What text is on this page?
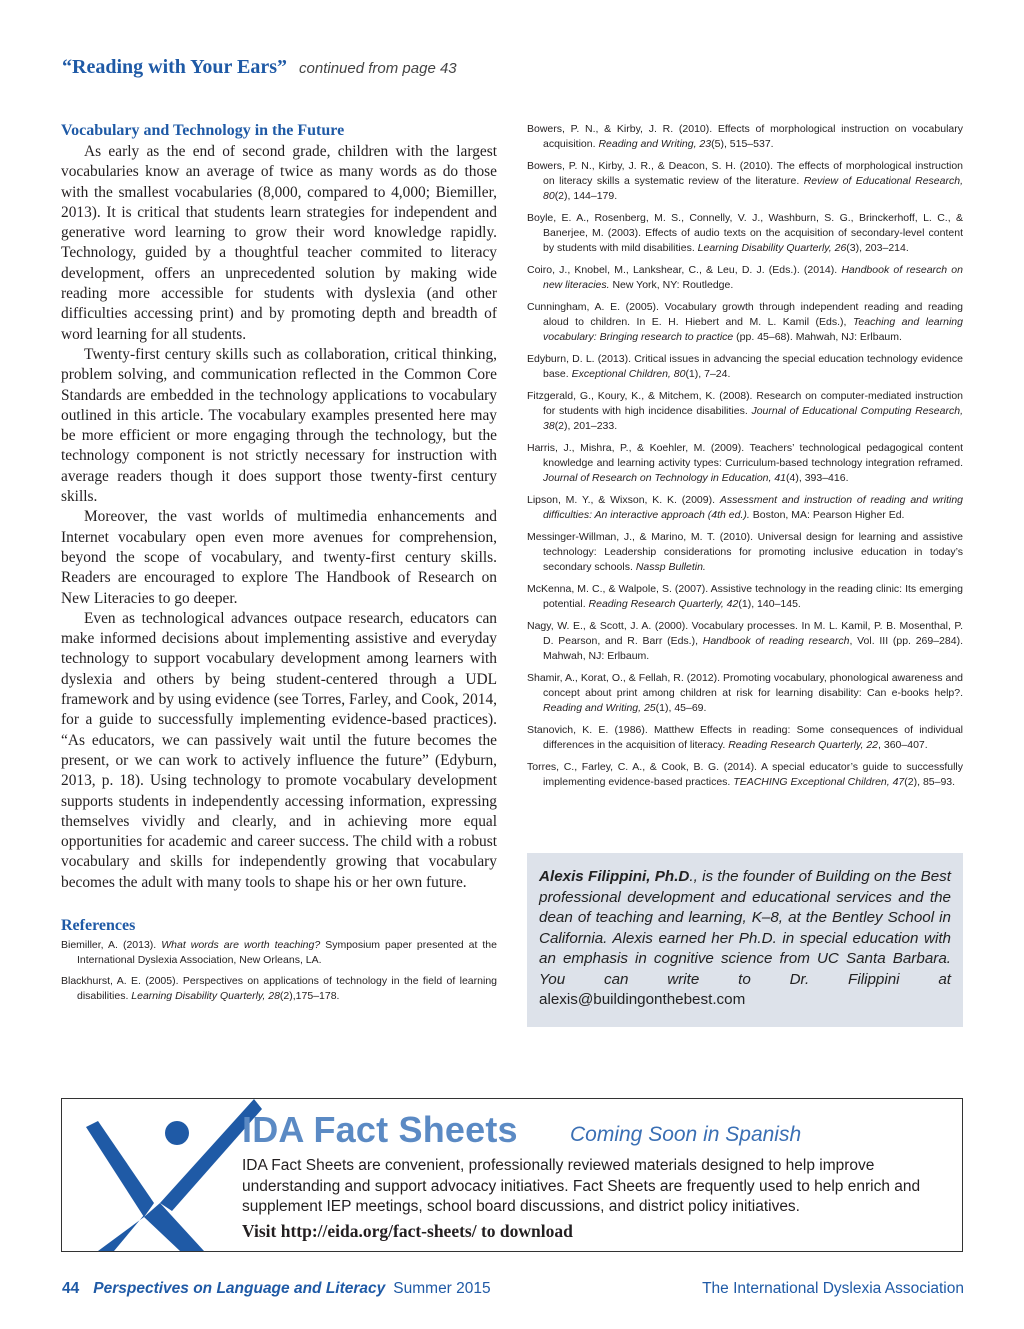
“Reading with Your Ears” continued from page 43
Vocabulary and Technology in the Future

As early as the end of second grade, children with the largest vocabularies know an average of twice as many words as do those with the smallest vocabularies (8,000, compared to 4,000; Biemiller, 2013). It is critical that students learn strategies for independent and generative word learning to grow their word knowledge rapidly. Technology, guided by a thoughtful teacher commited to literacy development, offers an unprecedented solution by making wide reading more accessible for students with dyslexia (and other difficulties accessing print) and by promoting depth and breadth of word learning for all students.

Twenty-first century skills such as collaboration, critical thinking, problem solving, and communication reflected in the Common Core Standards are embedded in the technology applications to vocabulary outlined in this article. The vocabulary examples presented here may be more efficient or more engaging through the technology, but the technology component is not strictly necessary for instruction with average readers though it does support those twenty-first century skills.

Moreover, the vast worlds of multimedia enhancements and Internet vocabulary open even more avenues for comprehension, beyond the scope of vocabulary, and twenty-first century skills. Readers are encouraged to explore The Handbook of Research on New Literacies to go deeper.

Even as technological advances outpace research, educators can make informed decisions about implementing assistive and everyday technology to support vocabulary development among learners with dyslexia and others by being student-centered through a UDL framework and by using evidence (see Torres, Farley, and Cook, 2014, for a guide to successfully implementing evidence-based practices). “As educators, we can passively wait until the future becomes the present, or we can work to actively influence the future” (Edyburn, 2013, p. 18). Using technology to promote vocabulary development supports students in independently accessing information, expressing themselves vividly and clearly, and in achieving more equal opportunities for academic and career success. The child with a robust vocabulary and skills for independently growing that vocabulary becomes the adult with many tools to shape his or her own future.

References

Biemiller, A. (2013). What words are worth teaching? Symposium paper presented at the International Dyslexia Association, New Orleans, LA.

Blackhurst, A. E. (2005). Perspectives on applications of technology in the field of learning disabilities. Learning Disability Quarterly, 28(2),175–178.

Bowers, P. N., & Kirby, J. R. (2010). Effects of morphological instruction on vocabulary acquisition. Reading and Writing, 23(5), 515–537.

Bowers, P. N., Kirby, J. R., & Deacon, S. H. (2010). The effects of morphological instruction on literacy skills a systematic review of the literature. Review of Educational Research, 80(2), 144–179.

Boyle, E. A., Rosenberg, M. S., Connelly, V. J., Washburn, S. G., Brinckerhoff, L. C., & Banerjee, M. (2003). Effects of audio texts on the acquisition of secondary-level content by students with mild disabilities. Learning Disability Quarterly, 26(3), 203–214.

Coiro, J., Knobel, M., Lankshear, C., & Leu, D. J. (Eds.). (2014). Handbook of research on new literacies. New York, NY: Routledge.

Cunningham, A. E. (2005). Vocabulary growth through independent reading and reading aloud to children. In E. H. Hiebert and M. L. Kamil (Eds.), Teaching and learning vocabulary: Bringing research to practice (pp. 45–68). Mahwah, NJ: Erlbaum.

Edyburn, D. L. (2013). Critical issues in advancing the special education technology evidence base. Exceptional Children, 80(1), 7–24.

Fitzgerald, G., Koury, K., & Mitchem, K. (2008). Research on computer-mediated instruction for students with high incidence disabilities. Journal of Educational Computing Research, 38(2), 201–233.

Harris, J., Mishra, P., & Koehler, M. (2009). Teachers’ technological pedagogical content knowledge and learning activity types: Curriculum-based technology integration reframed. Journal of Research on Technology in Education, 41(4), 393–416.

Lipson, M. Y., & Wixson, K. K. (2009). Assessment and instruction of reading and writing difficulties: An interactive approach (4th ed.). Boston, MA: Pearson Higher Ed.

Messinger-Willman, J., & Marino, M. T. (2010). Universal design for learning and assistive technology: Leadership considerations for promoting inclusive education in today’s secondary schools. Nassp Bulletin.

McKenna, M. C., & Walpole, S. (2007). Assistive technology in the reading clinic: Its emerging potential. Reading Research Quarterly, 42(1), 140–145.

Nagy, W. E., & Scott, J. A. (2000). Vocabulary processes. In M. L. Kamil, P. B. Mosenthal, P. D. Pearson, and R. Barr (Eds.), Handbook of reading research, Vol. III (pp. 269–284). Mahwah, NJ: Erlbaum.

Shamir, A., Korat, O., & Fellah, R. (2012). Promoting vocabulary, phonological awareness and concept about print among children at risk for learning disability: Can e-books help?. Reading and Writing, 25(1), 45–69.

Stanovich, K. E. (1986). Matthew Effects in reading: Some consequences of individual differences in the acquisition of literacy. Reading Research Quarterly, 22, 360–407.

Torres, C., Farley, C. A., & Cook, B. G. (2014). A special educator’s guide to successfully implementing evidence-based practices. TEACHING Exceptional Children, 47(2), 85–93.

Alexis Filippini, Ph.D., is the founder of Building on the Best professional development and educational services and the dean of teaching and learning, K–8, at the Bentley School in California. Alexis earned her Ph.D. in special education with an emphasis in cognitive science from UC Santa Barbara. You can write to Dr. Filippini at alexis@buildingonthebest.com

IDA Fact Sheets Coming Soon in Spanish
IDA Fact Sheets are convenient, professionally reviewed materials designed to help improve understanding and support advocacy initiatives. Fact Sheets are frequently used to help enrich and supplement IEP meetings, school board discussions, and district policy initiatives.
Visit http://eida.org/fact-sheets/ to download
44 Perspectives on Language and Literacy Summer 2015	The International Dyslexia Association
